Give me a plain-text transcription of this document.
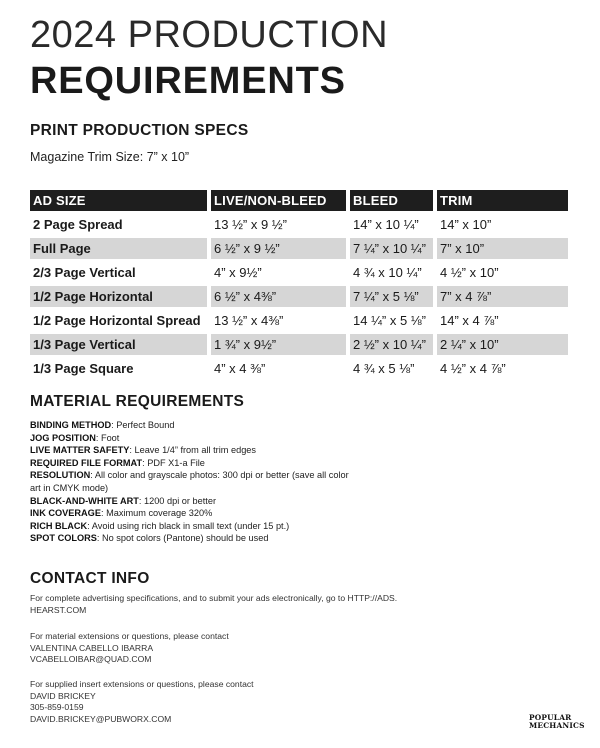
2024 PRODUCTION
REQUIREMENTS
PRINT PRODUCTION SPECS
Magazine Trim Size: 7” x 10”
AD SIZE	LIVE/NON-BLEED	BLEED	TRIM
2 Page Spread	13 ½” x 9 ½”	14” x 10 ¼”	14” x 10”
Full Page	6 ½” x 9 ½”	7 ¼” x 10 ¼”	7” x 10”
2/3 Page Vertical	4” x 9½”	4 ¾ x 10 ¼”	4 ½” x 10”
1/2 Page Horizontal	6 ½” x 4⅜”	7 ¼” x 5 ⅛”	7” x 4 ⅞”
1/2 Page Horizontal Spread	13 ½” x 4⅜”	14 ¼” x 5 ⅛”	14” x 4 ⅞”
1/3 Page Vertical	1 ¾” x 9½”	2 ½” x 10 ¼”	2 ¼” x 10”
1/3 Page Square	4” x 4 ⅜”	4 ¾ x 5 ⅛”	4 ½” x 4 ⅞”
MATERIAL REQUIREMENTS

BINDING METHOD: Perfect Bound

JOG POSITION: Foot

LIVE MATTER SAFETY: Leave 1/4” from all trim edges

REQUIRED FILE FORMAT: PDF X1-a File

RESOLUTION: All color and grayscale photos: 300 dpi or better (save all color art in CMYK mode)

BLACK-AND-WHITE ART: 1200 dpi or better

INK COVERAGE: Maximum coverage 320%

RICH BLACK: Avoid using rich black in small text (under 15 pt.)

SPOT COLORS: No spot colors (Pantone) should be used

CONTACT INFO
For complete advertising specifications, and to submit your ads electronically, go to HTTP://ADS.
HEARST.COM
For material extensions or questions, please contact
VALENTINA CABELLO IBARRA
VCABELLOIBAR@QUAD.COM
For supplied insert extensions or questions, please contact
DAVID BRICKEY
305-859-0159
DAVID.BRICKEY@PUBWORX.COM	POPULAR
MECHANICS
